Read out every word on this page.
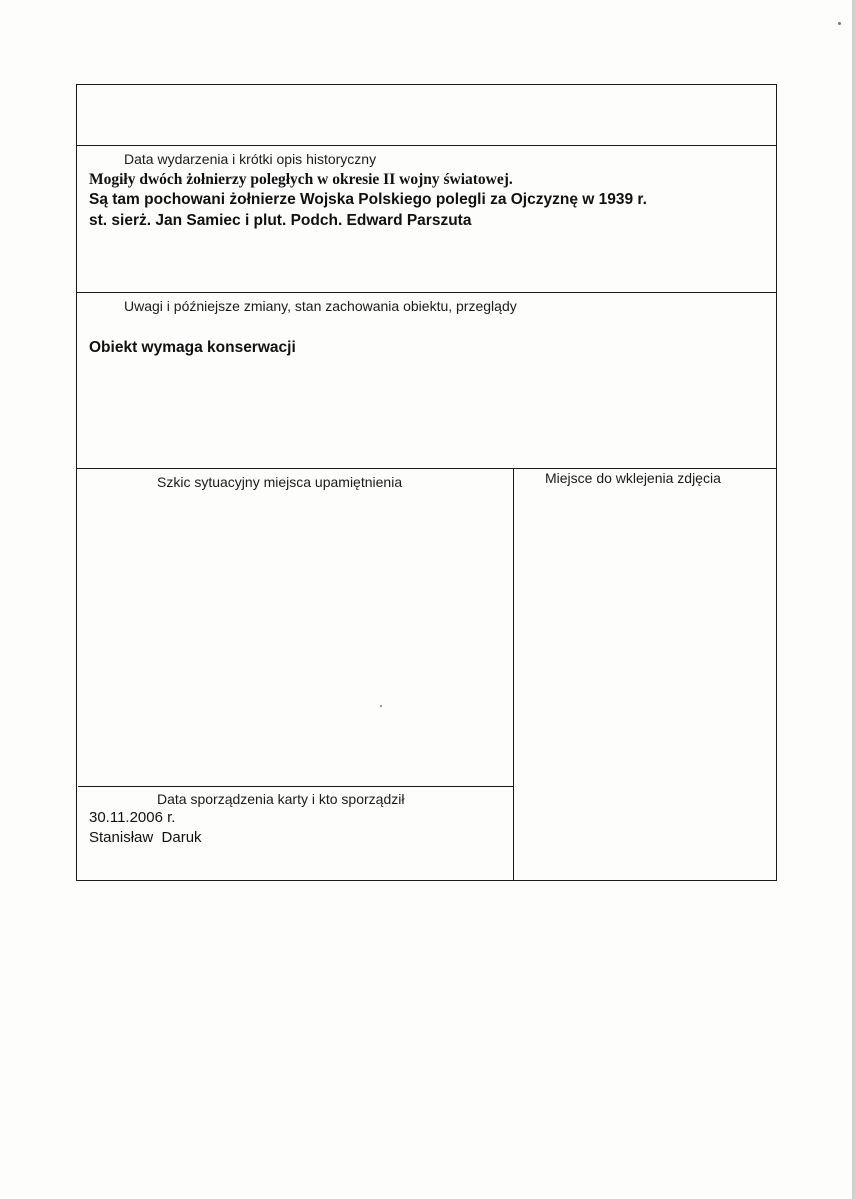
Data wydarzenia i krótki opis historyczny
Mogiły dwóch żołnierzy poległych w okresie II wojny światowej.
Są tam pochowani żołnierze Wojska Polskiego polegli za Ojczyznę w 1939 r.
st. sierż. Jan Samiec i plut. Podch. Edward Parszuta
Uwagi i późniejsze zmiany, stan zachowania obiektu, przeglądy
Obiekt wymaga konserwacji
Szkic sytuacyjny miejsca upamiętnienia	Miejsce do wklejenia zdjęcia
Data sporządzenia karty i kto sporządził
30.11.2006 r.
Stanisław  Daruk
